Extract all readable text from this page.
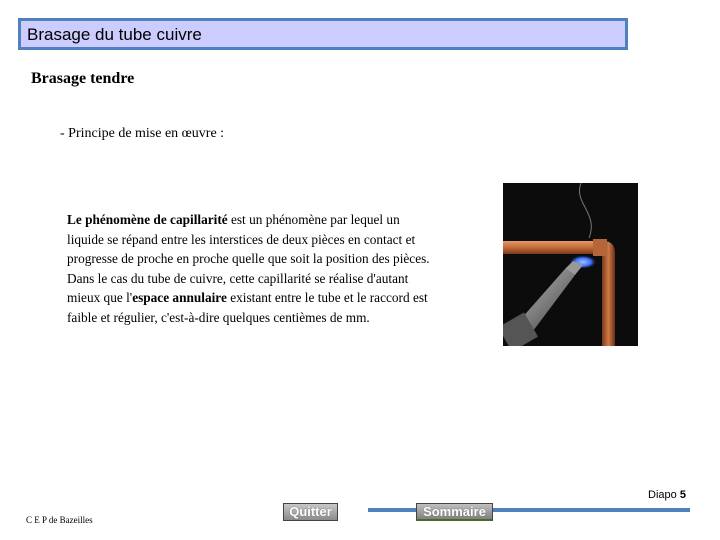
Brasage du tube cuivre
Brasage tendre
- Principe de mise en œuvre :

Le phénomène de capillarité est un phénomène par lequel un liquide se répand entre les interstices de deux pièces en contact et progresse de proche en proche quelle que soit la position des pièces.

Dans le cas du tube de cuivre, cette capillarité se réalise d'autant mieux que l'espace annulaire existant entre le tube et le raccord est faible et régulier, c'est-à-dire quelques centièmes de mm.

Diapo 5
C E P de Bazeilles
Quitter	Sommaire
